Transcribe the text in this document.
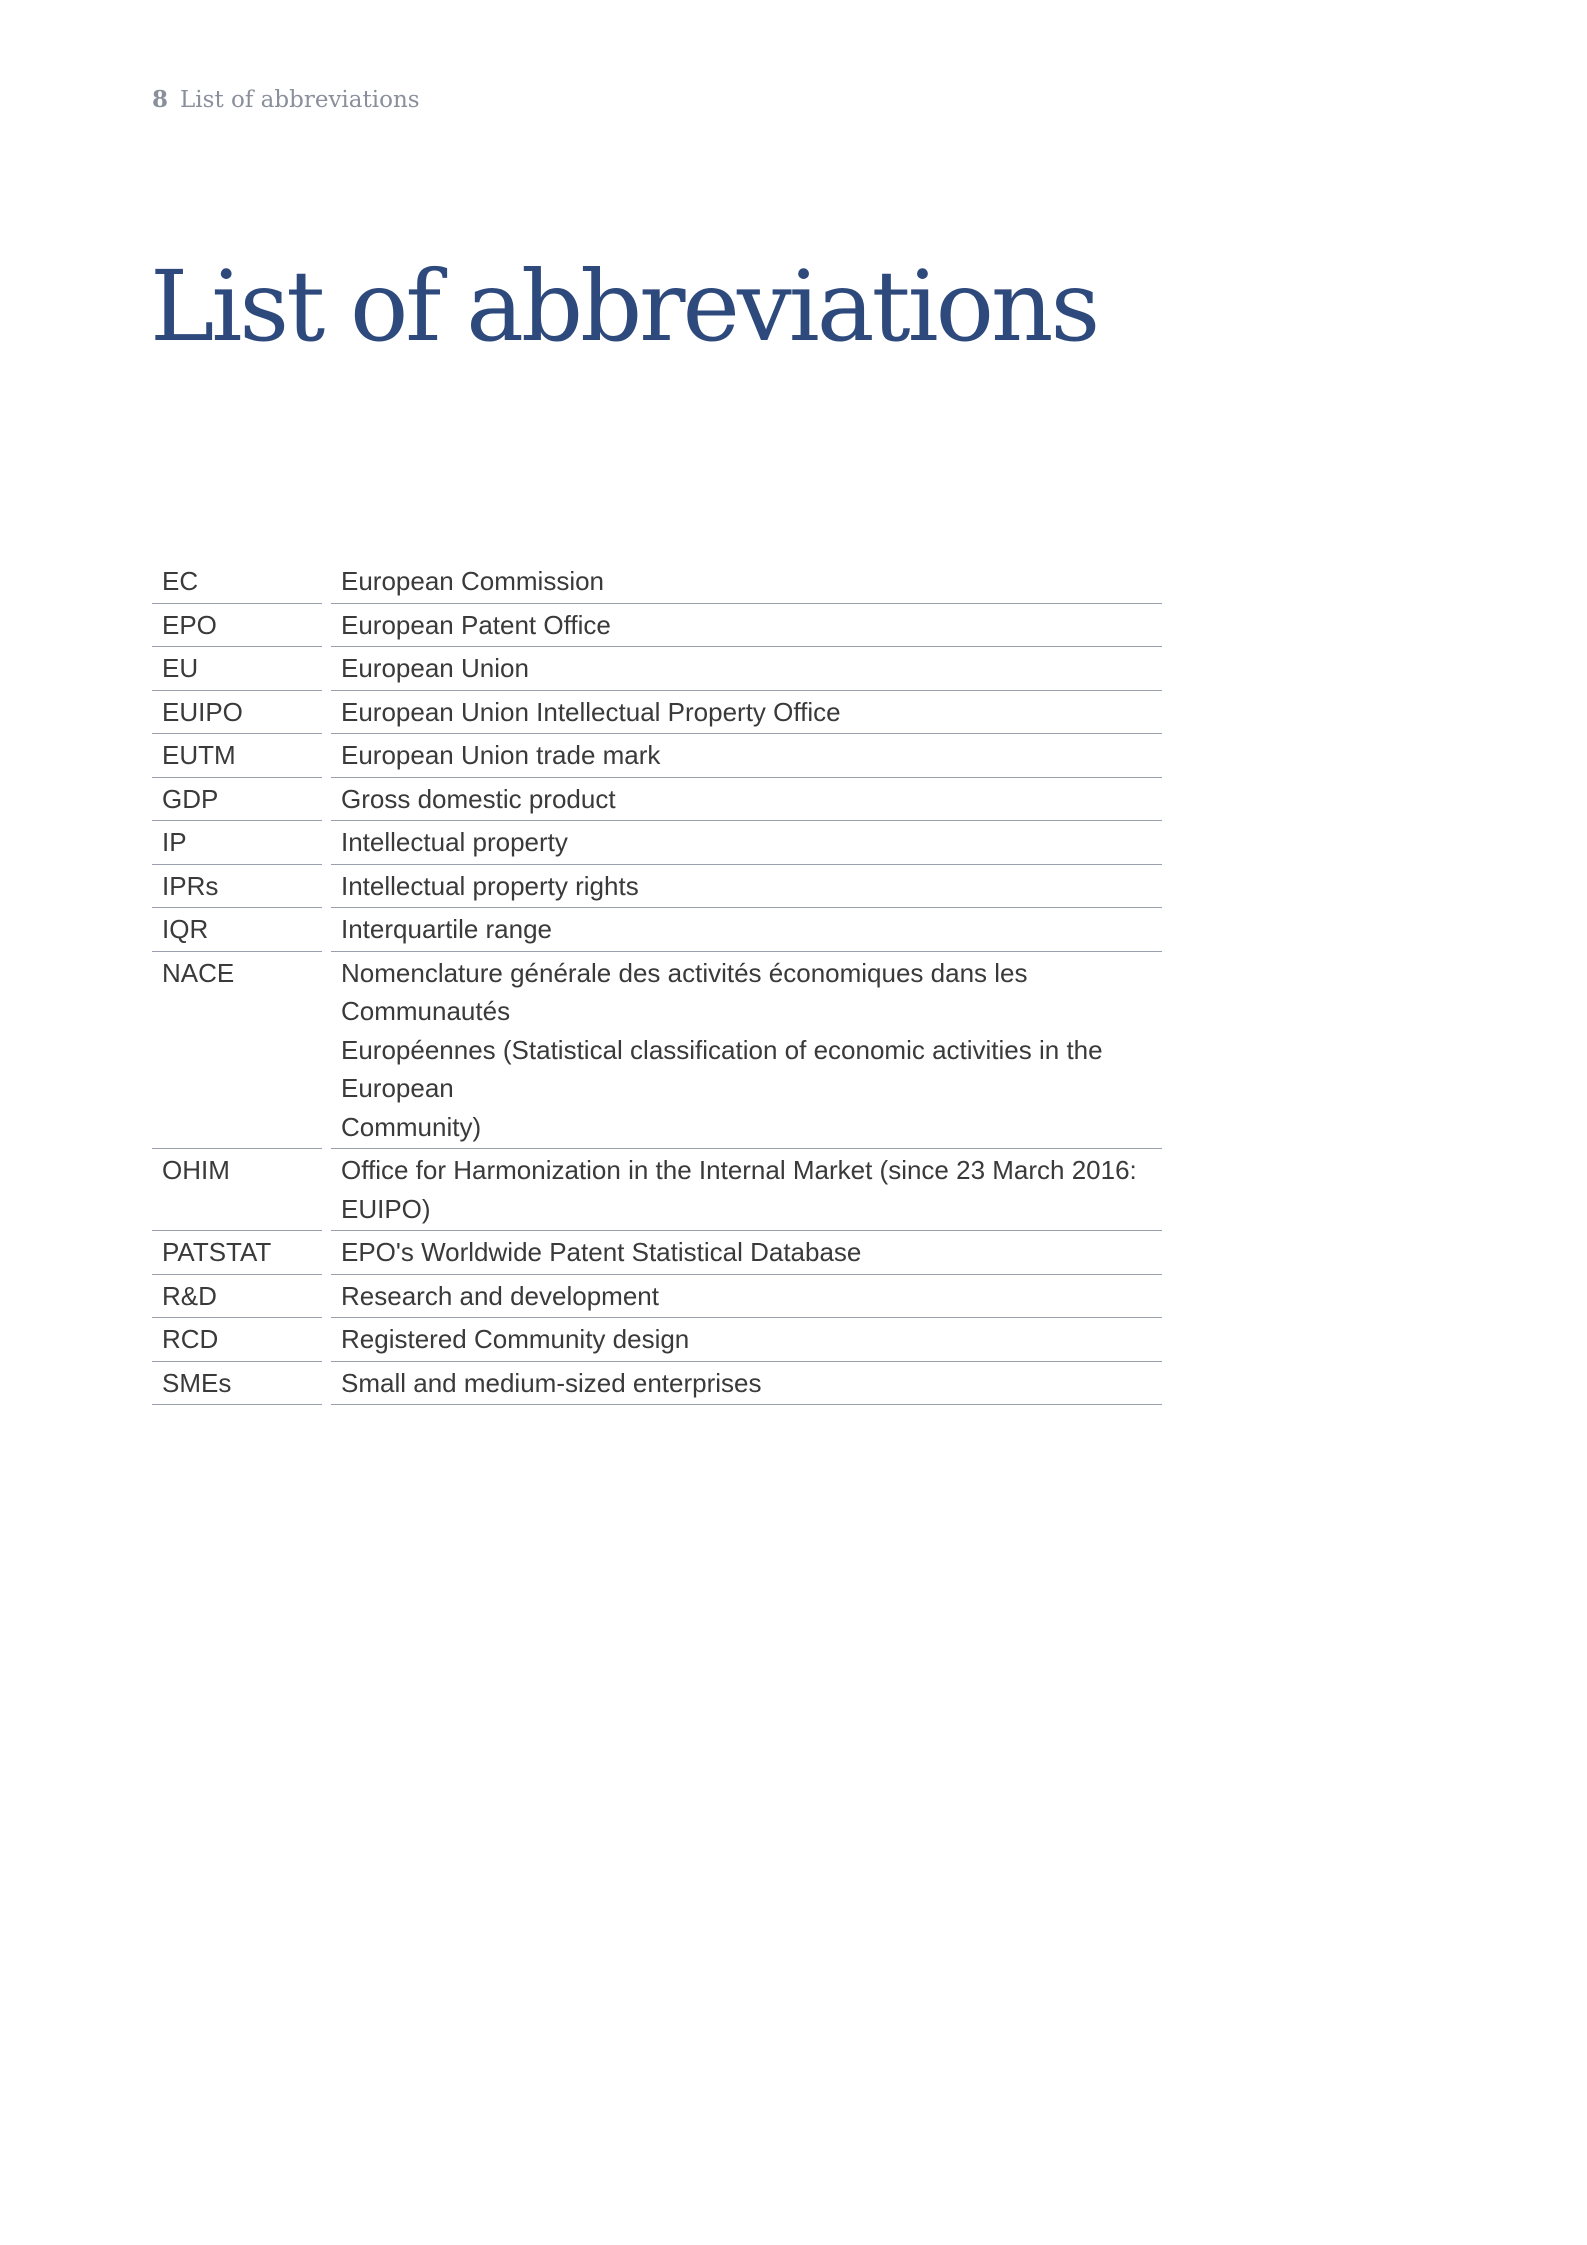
8 List of abbreviations
List of abbreviations
EC	European Commission
EPO	European Patent Office
EU	European Union
EUIPO	European Union Intellectual Property Office
EUTM	European Union trade mark
GDP	Gross domestic product
IP	Intellectual property
IPRs	Intellectual property rights
IQR	Interquartile range
NACE	Nomenclature générale des activités économiques dans les Communautés
Européennes (Statistical classification of economic activities in the European
Community)
OHIM	Office for Harmonization in the Internal Market (since 23 March 2016: EUIPO)
PATSTAT	EPO's Worldwide Patent Statistical Database
R&D	Research and development
RCD	Registered Community design
SMEs	Small and medium-sized enterprises
